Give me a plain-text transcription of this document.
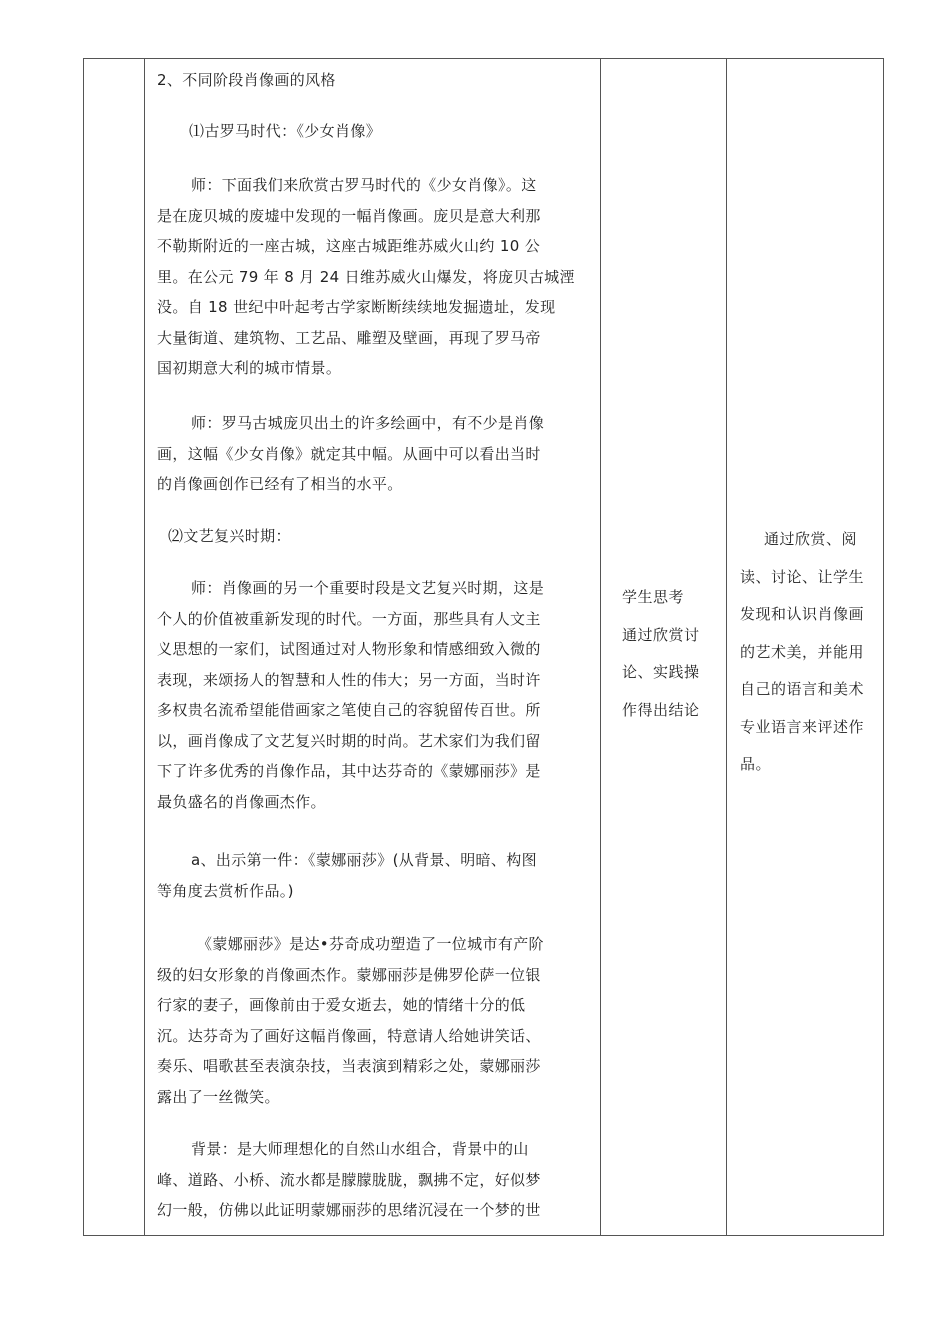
2、不同阶段肖像画的风格
⑴古罗马时代：《少女肖像》
师：下面我们来欣赏古罗马时代的《少女肖像》。这
是在庞贝城的废墟中发现的一幅肖像画。庞贝是意大利那
不勒斯附近的一座古城，这座古城距维苏威火山约 10 公
里。在公元 79 年 8 月 24 日维苏威火山爆发，将庞贝古城湮
没。自 18 世纪中叶起考古学家断断续续地发掘遗址，发现
大量街道、建筑物、工艺品、雕塑及壁画，再现了罗马帝
国初期意大利的城市情景。
师：罗马古城庞贝出土的许多绘画中，有不少是肖像
画，这幅《少女肖像》就定其中幅。从画中可以看出当时
的肖像画创作已经有了相当的水平。
⑵文艺复兴时期：
师：肖像画的另一个重要时段是文艺复兴时期，这是
个人的价值被重新发现的时代。一方面，那些具有人文主
义思想的一家们，试图通过对人物形象和情感细致入微的
表现，来颂扬人的智慧和人性的伟大；另一方面，当时许
多权贵名流希望能借画家之笔使自己的容貌留传百世。所
以，画肖像成了文艺复兴时期的时尚。艺术家们为我们留
下了许多优秀的肖像作品，其中达芬奇的《蒙娜丽莎》是
最负盛名的肖像画杰作。
a、出示第一件：《蒙娜丽莎》(从背景、明暗、构图
等角度去赏析作品。)
《蒙娜丽莎》是达•芬奇成功塑造了一位城市有产阶
级的妇女形象的肖像画杰作。蒙娜丽莎是佛罗伦萨一位银
行家的妻子，画像前由于爱女逝去，她的情绪十分的低
沉。达芬奇为了画好这幅肖像画，特意请人给她讲笑话、
奏乐、唱歌甚至表演杂技，当表演到精彩之处，蒙娜丽莎
露出了一丝微笑。
背景：是大师理想化的自然山水组合，背景中的山
峰、道路、小桥、流水都是朦朦胧胧，飘拂不定，好似梦
幻一般，仿佛以此证明蒙娜丽莎的思绪沉浸在一个梦的世
学生思考
通过欣赏讨
论、实践操
作得出结论
通过欣赏、阅
读、讨论、让学生
发现和认识肖像画
的艺术美，并能用
自己的语言和美术
专业语言来评述作
品。
